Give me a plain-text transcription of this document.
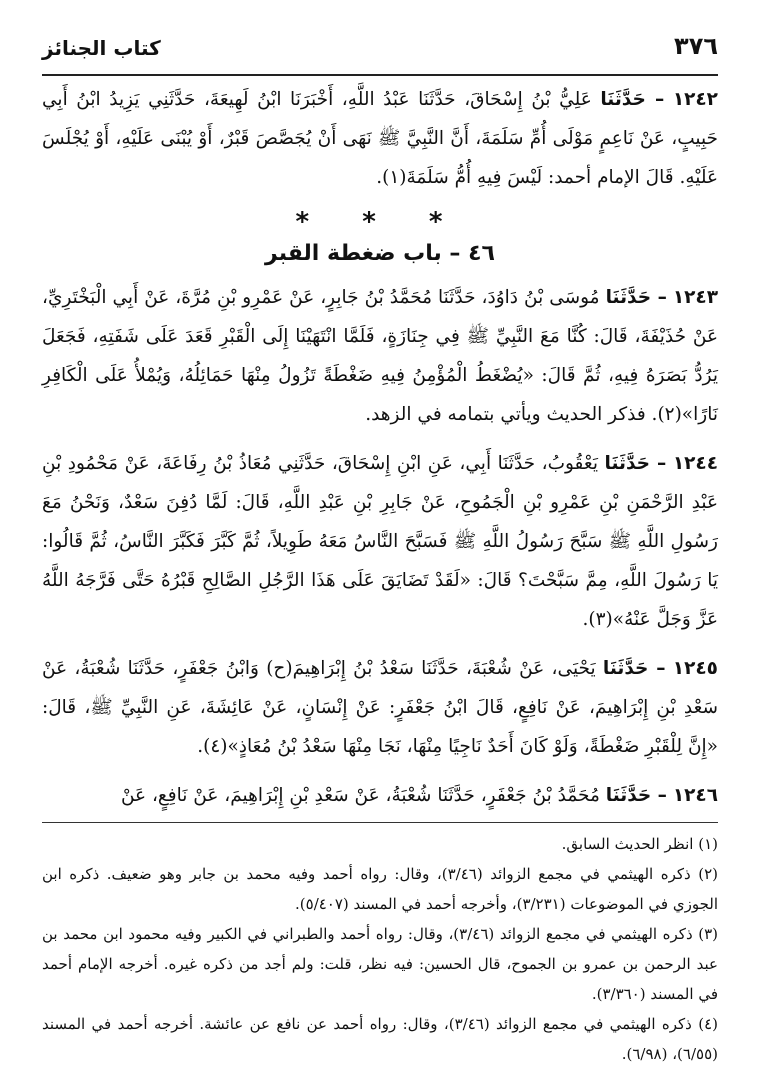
٣٧٦
كتاب الجنائز

١٢٤٢ – حَدَّثَنَا عَلِيُّ بْنُ إِسْحَاقَ، حَدَّثَنَا عَبْدُ اللَّهِ، أَخْبَرَنَا ابْنُ لَهِيعَةَ، حَدَّثَنِي يَزِيدُ ابْنُ أَبِي حَبِيبٍ، عَنْ نَاعِمٍ مَوْلَى أُمِّ سَلَمَةَ، أَنَّ النَّبِيَّ ﷺ نَهَى أَنْ يُجَصَّصَ قَبْرٌ، أَوْ يُبْنَى عَلَيْهِ، أَوْ يُجْلَسَ عَلَيْهِ. قَالَ الإمام أحمد: لَيْسَ فِيهِ أُمُّ سَلَمَةَ(١).

* * *
٤٦ – باب ضغطة القبر

١٢٤٣ – حَدَّثَنَا مُوسَى بْنُ دَاوُدَ، حَدَّثَنَا مُحَمَّدُ بْنُ جَابِرٍ، عَنْ عَمْرِو بْنِ مُرَّةَ، عَنْ أَبِي الْبَخْتَرِيِّ، عَنْ حُذَيْفَةَ، قَالَ: كُنَّا مَعَ النَّبِيِّ ﷺ فِي جِنَازَةٍ، فَلَمَّا انْتَهَيْنَا إِلَى الْقَبْرِ قَعَدَ عَلَى شَفَتِهِ، فَجَعَلَ يَرُدُّ بَصَرَهُ فِيهِ، ثُمَّ قَالَ: «يُضْغَطُ الْمُؤْمِنُ فِيهِ ضَغْطَةً تَزُولُ مِنْهَا حَمَائِلُهُ، وَيُمْلأُ عَلَى الْكَافِرِ نَارًا»(٢). فذكر الحديث ويأتي بتمامه في الزهد.

١٢٤٤ – حَدَّثَنَا يَعْقُوبُ، حَدَّثَنَا أَبِي، عَنِ ابْنِ إِسْحَاقَ، حَدَّثَنِي مُعَاذُ بْنُ رِفَاعَةَ، عَنْ مَحْمُودِ بْنِ عَبْدِ الرَّحْمَنِ بْنِ عَمْرِو بْنِ الْجَمُوحِ، عَنْ جَابِرِ بْنِ عَبْدِ اللَّهِ، قَالَ: لَمَّا دُفِنَ سَعْدٌ، وَنَحْنُ مَعَ رَسُولِ اللَّهِ ﷺ سَبَّحَ رَسُولُ اللَّهِ ﷺ فَسَبَّحَ النَّاسُ مَعَهُ طَوِيلاً، ثُمَّ كَبَّرَ فَكَبَّرَ النَّاسُ، ثُمَّ قَالُوا: يَا رَسُولَ اللَّهِ، مِمَّ سَبَّحْتَ؟ قَالَ: «لَقَدْ تَضَايَقَ عَلَى هَذَا الرَّجُلِ الصَّالِحِ قَبْرُهُ حَتَّى فَرَّجَهُ اللَّهُ عَزَّ وَجَلَّ عَنْهُ»(٣).

١٢٤٥ – حَدَّثَنَا يَحْيَى، عَنْ شُعْبَةَ، حَدَّثَنَا سَعْدُ بْنُ إِبْرَاهِيمَ(ح) وَابْنُ جَعْفَرٍ، حَدَّثَنَا شُعْبَةُ، عَنْ سَعْدِ بْنِ إِبْرَاهِيمَ، عَنْ نَافِعٍ، قَالَ ابْنُ جَعْفَرٍ: عَنْ إِنْسَانٍ، عَنْ عَائِشَةَ، عَنِ النَّبِيِّ ﷺ، قَالَ: «إِنَّ لِلْقَبْرِ ضَغْطَةً، وَلَوْ كَانَ أَحَدٌ نَاجِيًا مِنْهَا، نَجَا مِنْهَا سَعْدُ بْنُ مُعَاذٍ»(٤).

١٢٤٦ – حَدَّثَنَا مُحَمَّدُ بْنُ جَعْفَرٍ، حَدَّثَنَا شُعْبَةُ، عَنْ سَعْدِ بْنِ إِبْرَاهِيمَ، عَنْ نَافِعٍ، عَنْ

(١) انظر الحديث السابق.

(٢) ذكره الهيثمي في مجمع الزوائد (٣/٤٦)، وقال: رواه أحمد وفيه محمد بن جابر وهو ضعيف. ذكره ابن الجوزي في الموضوعات (٣/٢٣١)، وأخرجه أحمد في المسند (٥/٤٠٧).

(٣) ذكره الهيثمي في مجمع الزوائد (٣/٤٦)، وقال: رواه أحمد والطبراني في الكبير وفيه محمود ابن محمد بن عبد الرحمن بن عمرو بن الجموح، قال الحسين: فيه نظر، قلت: ولم أجد من ذكره غيره. أخرجه الإمام أحمد في المسند (٣/٣٦٠).

(٤) ذكره الهيثمي في مجمع الزوائد (٣/٤٦)، وقال: رواه أحمد عن نافع عن عائشة. أخرجه أحمد في المسند (٦/٥٥)، (٦/٩٨).
